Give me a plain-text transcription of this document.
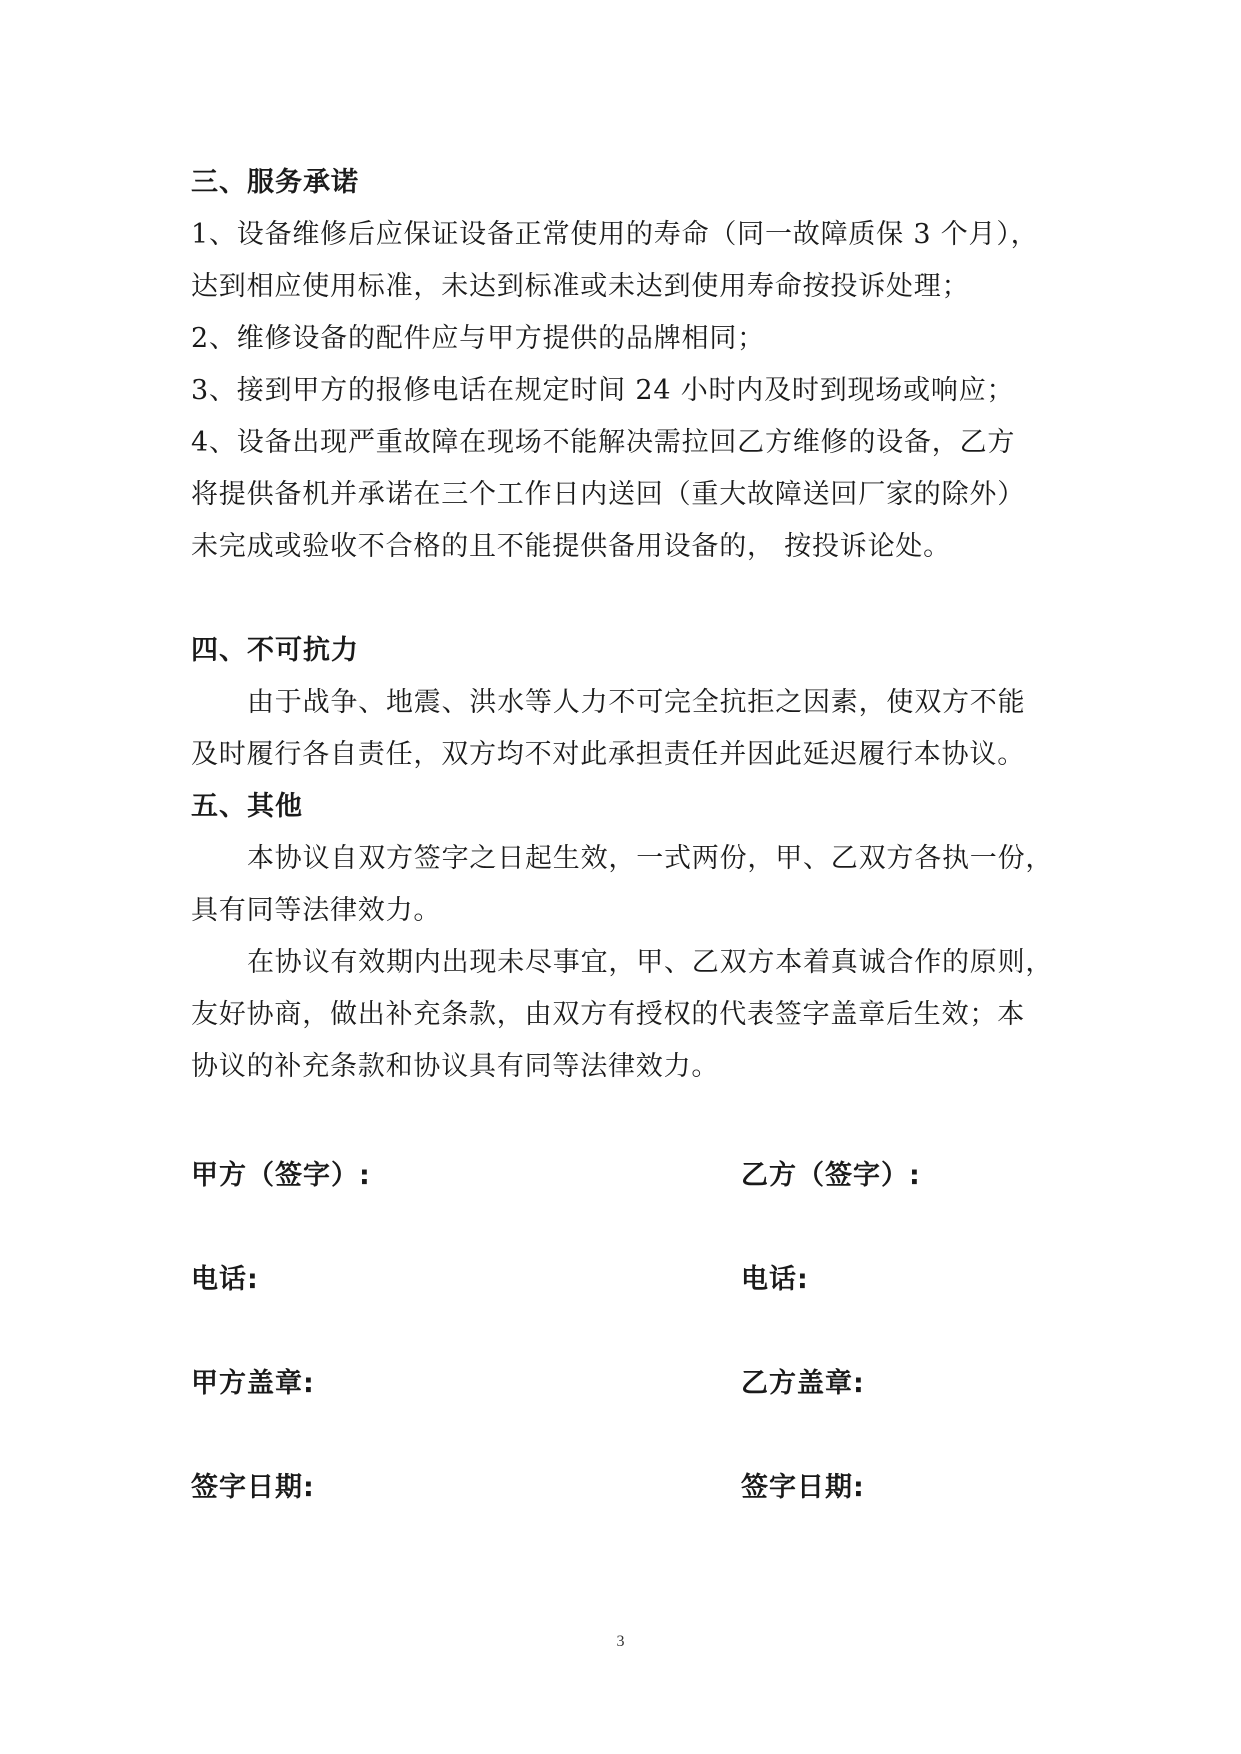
三、服务承诺
1、设备维修后应保证设备正常使用的寿命（同一故障质保 3 个月），
达到相应使用标准，未达到标准或未达到使用寿命按投诉处理；
2、维修设备的配件应与甲方提供的品牌相同；
3、接到甲方的报修电话在规定时间 24 小时内及时到现场或响应；
4、设备出现严重故障在现场不能解决需拉回乙方维修的设备，乙方
将提供备机并承诺在三个工作日内送回（重大故障送回厂家的除外）
未完成或验收不合格的且不能提供备用设备的， 按投诉论处。
四、不可抗力
由于战争、地震、洪水等人力不可完全抗拒之因素，使双方不能
及时履行各自责任，双方均不对此承担责任并因此延迟履行本协议。
五、其他
本协议自双方签字之日起生效，一式两份，甲、乙双方各执一份，
具有同等法律效力。
在协议有效期内出现未尽事宜，甲、乙双方本着真诚合作的原则，
友好协商，做出补充条款，由双方有授权的代表签字盖章后生效；本
协议的补充条款和协议具有同等法律效力。
甲方（签字）:	乙方（签字）:
电话:	电话:
甲方盖章:	乙方盖章:
签字日期:	签字日期:
3
